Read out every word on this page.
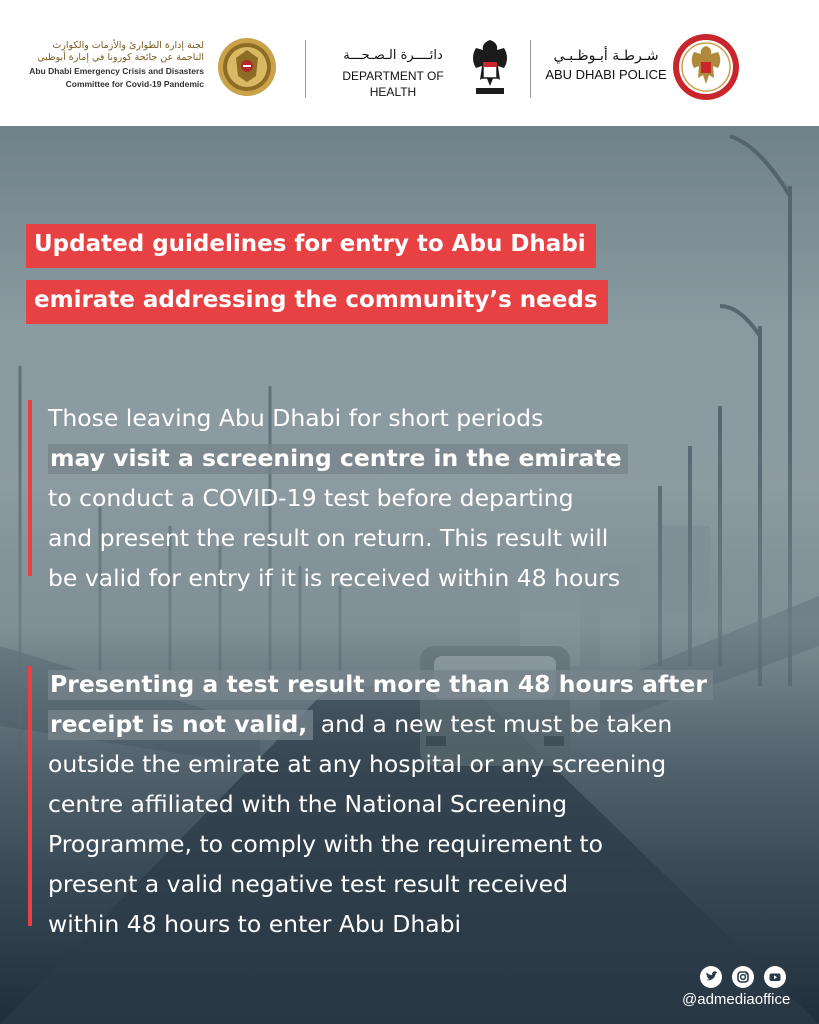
لجنة إدارة الطوارئ والأزمات والكوارث
الناجمة عن جائحة كورونا في إمارة أبوظبي
Abu Dhabi Emergency Crisis and Disasters
Committee for Covid-19 Pandemic
دائــــرة الـصـحـــة
DEPARTMENT OF HEALTH
شـرطـة أبـوظـبـي
ABU DHABI POLICE
Updated guidelines for entry to Abu Dhabi
emirate addressing the community’s needs
Those leaving Abu Dhabi for short periods
may visit a screening centre in the emirate
to conduct a COVID-19 test before departing
and present the result on return. This result will
be valid for entry if it is received within 48 hours
Presenting a test result more than 48 hours after
receipt is not valid, and a new test must be taken
outside the emirate at any hospital or any screening
centre affiliated with the National Screening
Programme, to comply with the requirement to
present a valid negative test result received
within 48 hours to enter Abu Dhabi
@admediaoffice
